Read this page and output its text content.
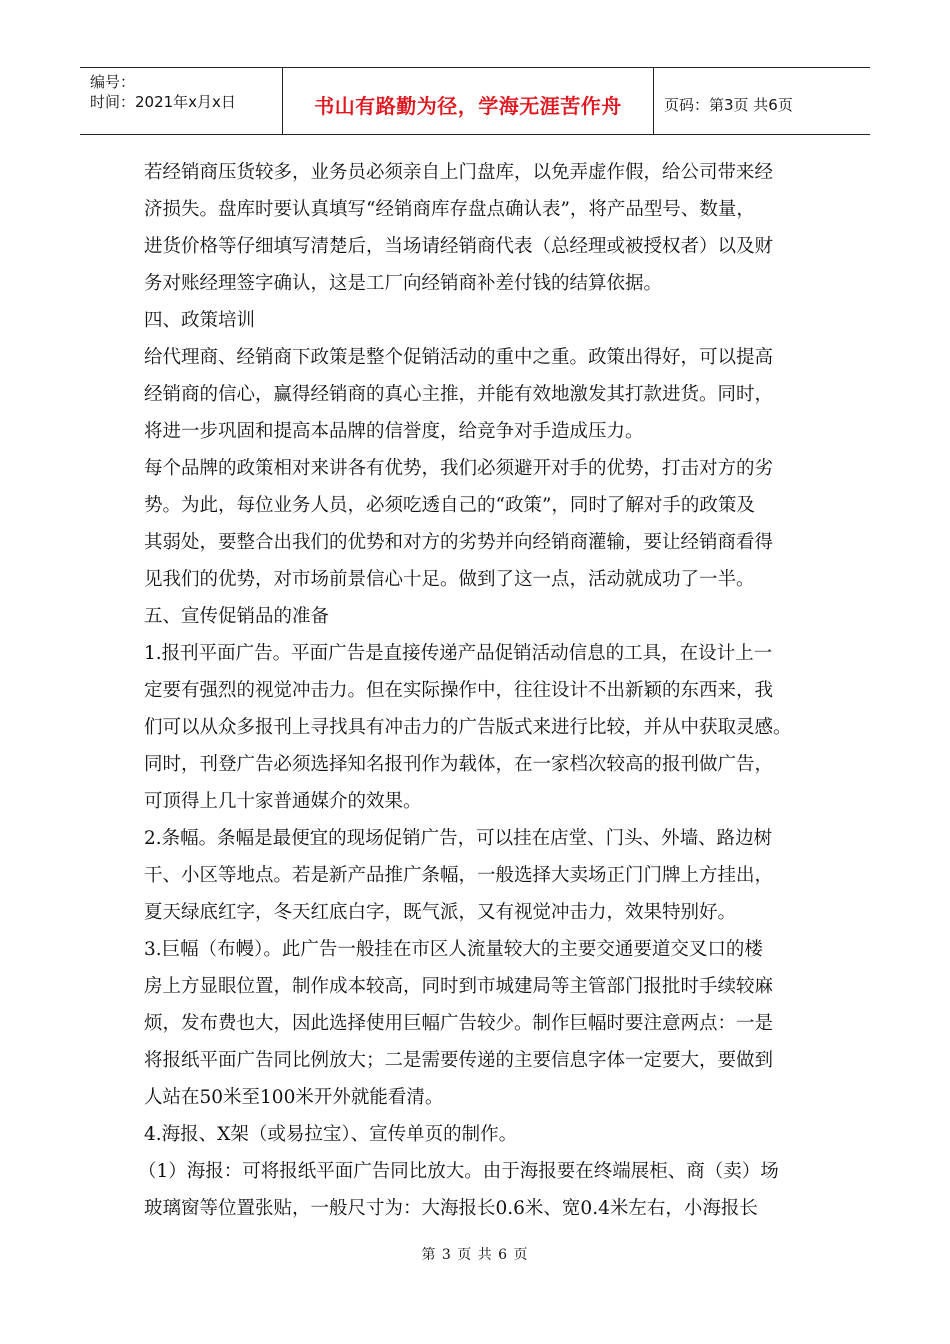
编号：
时间：2021年x月x日	书山有路勤为径，学海无涯苦作舟	页码：第3页 共6页

若经销商压货较多，业务员必须亲自上门盘库，以免弄虚作假，给公司带来经

济损失。盘库时要认真填写“经销商库存盘点确认表”，将产品型号、数量，

进货价格等仔细填写清楚后，当场请经销商代表（总经理或被授权者）以及财

务对账经理签字确认，这是工厂向经销商补差付钱的结算依据。

四、政策培训

给代理商、经销商下政策是整个促销活动的重中之重。政策出得好，可以提高

经销商的信心，赢得经销商的真心主推，并能有效地激发其打款进货。同时，

将进一步巩固和提高本品牌的信誉度，给竞争对手造成压力。

每个品牌的政策相对来讲各有优势，我们必须避开对手的优势，打击对方的劣

势。为此，每位业务人员，必须吃透自己的“政策”，同时了解对手的政策及

其弱处，要整合出我们的优势和对方的劣势并向经销商灌输，要让经销商看得

见我们的优势，对市场前景信心十足。做到了这一点，活动就成功了一半。

五、宣传促销品的准备

1.报刊平面广告。平面广告是直接传递产品促销活动信息的工具，在设计上一

定要有强烈的视觉冲击力。但在实际操作中，往往设计不出新颖的东西来，我

们可以从众多报刊上寻找具有冲击力的广告版式来进行比较，并从中获取灵感。

同时，刊登广告必须选择知名报刊作为载体，在一家档次较高的报刊做广告，

可顶得上几十家普通媒介的效果。

2.条幅。条幅是最便宜的现场促销广告，可以挂在店堂、门头、外墙、路边树

干、小区等地点。若是新产品推广条幅，一般选择大卖场正门门牌上方挂出，

夏天绿底红字，冬天红底白字，既气派，又有视觉冲击力，效果特别好。

3.巨幅（布幔）。此广告一般挂在市区人流量较大的主要交通要道交叉口的楼

房上方显眼位置，制作成本较高，同时到市城建局等主管部门报批时手续较麻

烦，发布费也大，因此选择使用巨幅广告较少。制作巨幅时要注意两点：一是

将报纸平面广告同比例放大；二是需要传递的主要信息字体一定要大，要做到

人站在50米至100米开外就能看清。

4.海报、X架（或易拉宝）、宣传单页的制作。

（1）海报：可将报纸平面广告同比放大。由于海报要在终端展柜、商（卖）场

玻璃窗等位置张贴，一般尺寸为：大海报长0.6米、宽0.4米左右，小海报长

第 3 页 共 6 页
